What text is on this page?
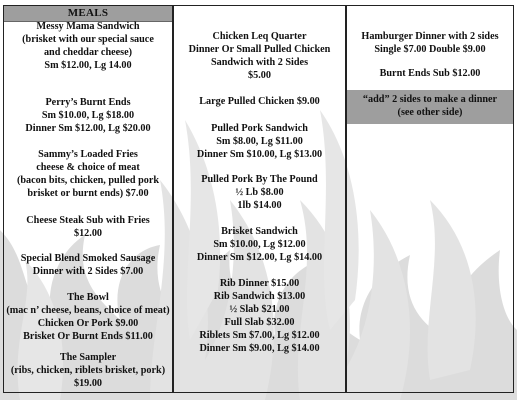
MEALS
Messy Mama Sandwich
(brisket with our special sauce
and cheddar cheese)
Sm $12.00, Lg 14.00
Perry’s Burnt Ends
Sm $10.00, Lg $18.00
Dinner Sm $12.00, Lg $20.00
Sammy’s Loaded Fries
cheese & choice of meat
(bacon bits, chicken, pulled pork
brisket or burnt ends) $7.00
Cheese Steak Sub with Fries
$12.00
Special Blend Smoked Sausage
Dinner with 2 Sides $7.00
The Bowl
(mac n’ cheese, beans, choice of meat)
Chicken Or Pork $9.00
Brisket Or Burnt Ends $11.00
The Sampler
(ribs, chicken, riblets brisket, pork)
$19.00
Chicken Leq Quarter
Dinner Or Small Pulled Chicken
Sandwich with 2 Sides
$5.00
Large Pulled Chicken $9.00
Pulled Pork Sandwich
Sm $8.00, Lg $11.00
Dinner Sm $10.00, Lg $13.00
Pulled Pork By The Pound
½ Lb $8.00
1lb $14.00
Brisket Sandwich
Sm $10.00, Lg $12.00
Dinner Sm $12.00, Lg $14.00
Rib Dinner $15.00
Rib Sandwich $13.00
½ Slab $21.00
Full Slab $32.00
Riblets Sm $7.00, Lg $12.00
Dinner Sm $9.00, Lg $14.00
Hamburger Dinner with 2 sides
Single $7.00 Double $9.00
Burnt Ends Sub $12.00
“add” 2 sides to make a dinner
(see other side)
